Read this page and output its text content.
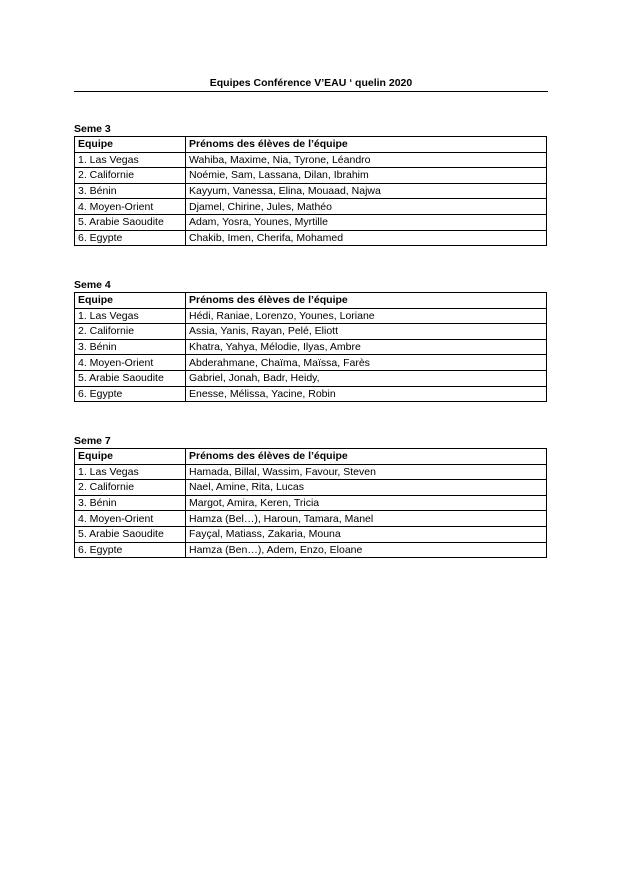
Equipes Conférence V’EAU ‘ quelin 2020
Seme 3
Equipe	Prénoms des élèves de l’équipe
1. Las Vegas	Wahiba, Maxime, Nia, Tyrone, Léandro
2. Californie	Noémie, Sam, Lassana, Dilan, Ibrahim
3. Bénin	Kayyum, Vanessa, Elina, Mouaad, Najwa
4. Moyen-Orient	Djamel, Chirine, Jules, Mathéo
5. Arabie Saoudite	Adam, Yosra, Younes, Myrtille
6. Egypte	Chakib, Imen, Cherifa, Mohamed
Seme 4
Equipe	Prénoms des élèves de l’équipe
1. Las Vegas	Hédi, Raniae, Lorenzo, Younes, Loriane
2. Californie	Assia, Yanis, Rayan, Pelé, Eliott
3. Bénin	Khatra, Yahya, Mélodie, Ilyas, Ambre
4. Moyen-Orient	Abderahmane, Chaïma, Maïssa, Farès
5. Arabie Saoudite	Gabriel, Jonah, Badr, Heidy,
6. Egypte	Enesse, Mélissa, Yacine, Robin
Seme 7
Equipe	Prénoms des élèves de l’équipe
1. Las Vegas	Hamada, Billal, Wassim, Favour, Steven
2. Californie	Nael, Amine, Rita, Lucas
3. Bénin	Margot, Amira, Keren, Tricia
4. Moyen-Orient	Hamza (Bel…), Haroun, Tamara, Manel
5. Arabie Saoudite	Fayçal, Matiass, Zakaria, Mouna
6. Egypte	Hamza (Ben…), Adem, Enzo, Eloane
